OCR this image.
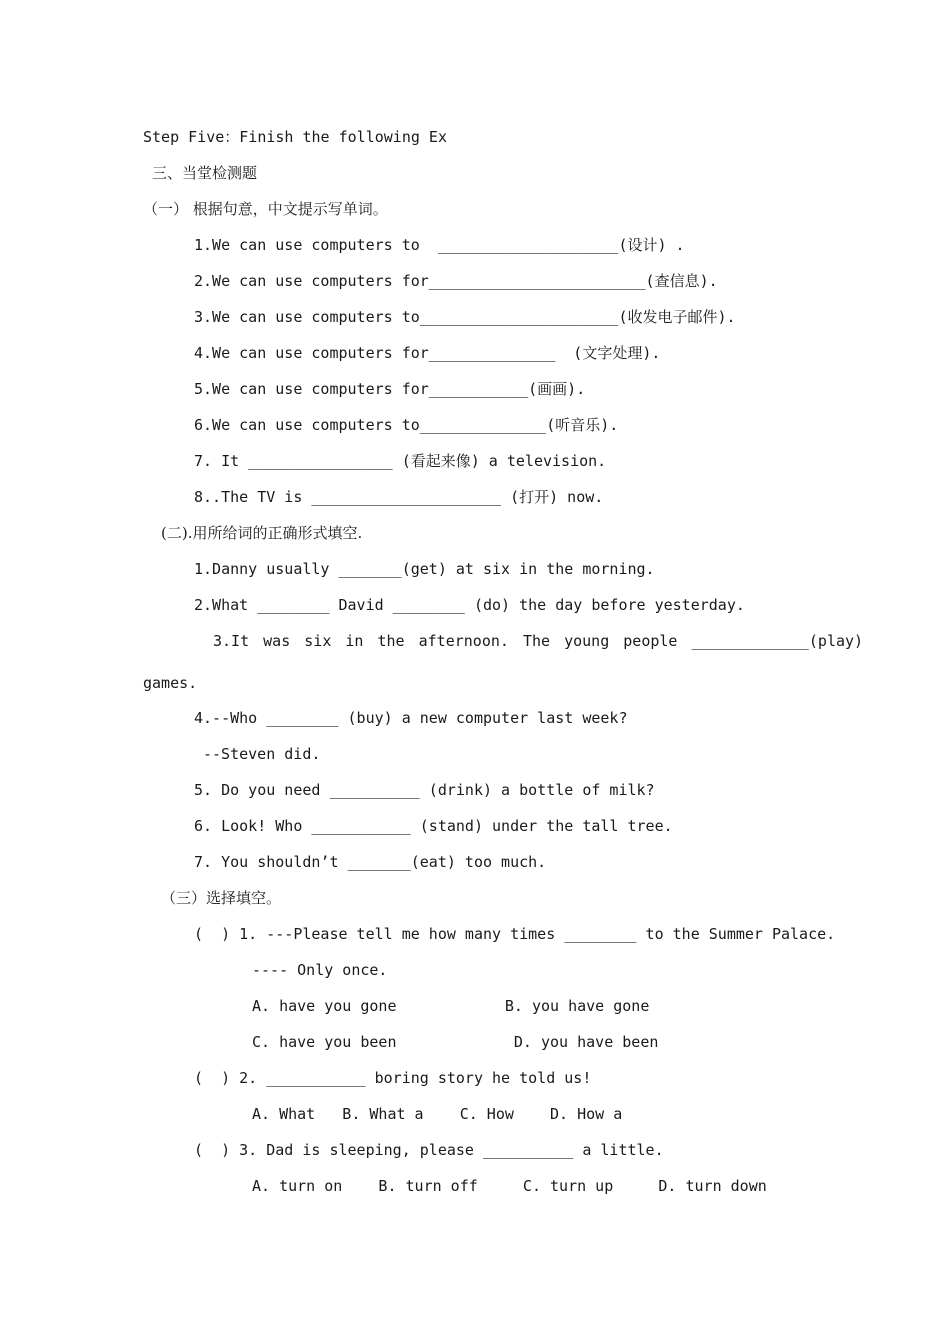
Step Five：Finish the following Ex
三、当堂检测题
（一） 根据句意，中文提示写单词。
1.We can use computers to  ____________________(设计) .
2.We can use computers for________________________(查信息).
3.We can use computers to______________________(收发电子邮件).
4.We can use computers for______________  (文字处理).
5.We can use computers for___________(画画).
6.We can use computers to______________(听音乐).
7. It ________________ (看起来像) a television.
8..The TV is _____________________ (打开) now.
(二).用所给词的正确形式填空.
1.Danny usually _______(get) at six in the morning.
2.What ________ David ________ (do) the day before yesterday.
3.It was six in the afternoon. The young people _____________(play)
games.
4.--Who ________ (buy) a new computer last week?
--Steven did.
5. Do you need __________ (drink) a bottle of milk?
6. Look! Who ___________ (stand) under the tall tree.
7. You shouldn’t _______(eat) too much.
（三）选择填空。
(  ) 1. ---Please tell me how many times ________ to the Summer Palace.
---- Only once.
A. have you gone            B. you have gone
C. have you been             D. you have been
(  ) 2. ___________ boring story he told us!
A. What   B. What a    C. How    D. How a
(  ) 3. Dad is sleeping, please __________ a little.
A. turn on    B. turn off     C. turn up     D. turn down
